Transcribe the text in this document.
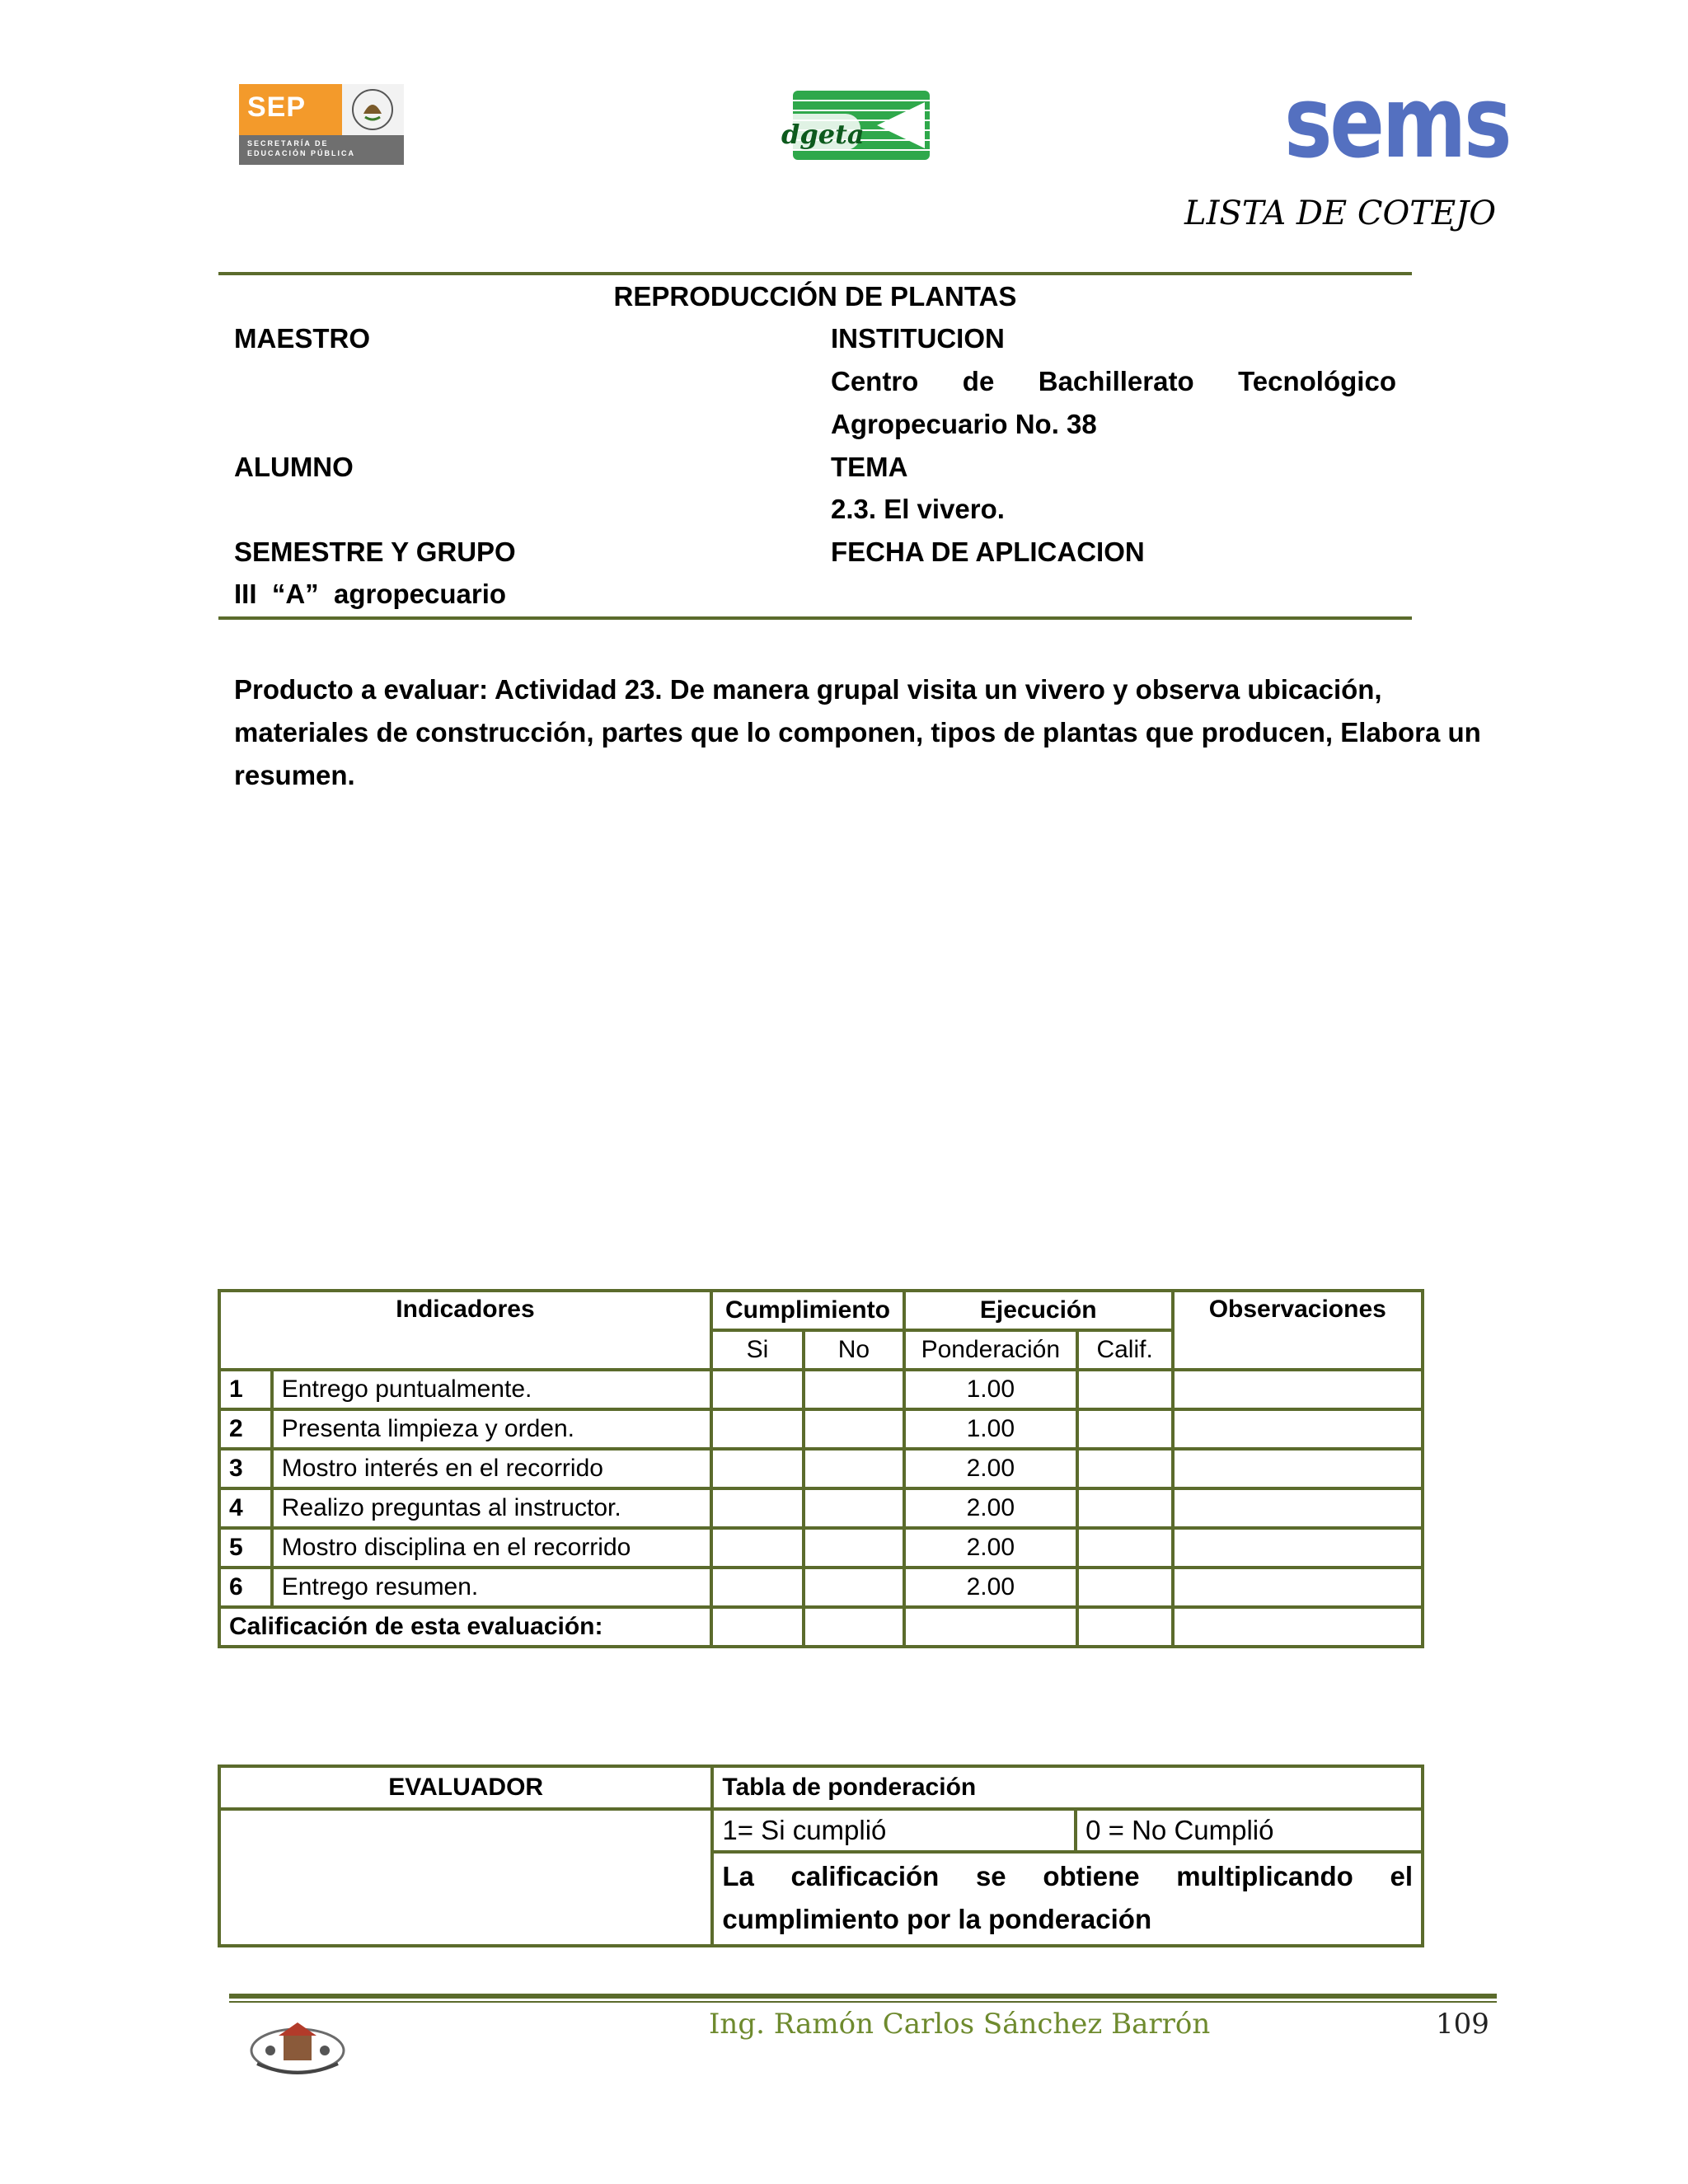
SEP
SECRETARÍA DE
EDUCACIÓN PÚBLICA
dgeta	sems
LISTA DE COTEJO
REPRODUCCIÓN DE PLANTAS
MAESTRO	INSTITUCION
Centro de Bachillerato Tecnológico
Agropecuario No. 38
ALUMNO	TEMA
2.3. El vivero.
SEMESTRE Y GRUPO	FECHA DE APLICACION
III  “A”  agropecuario
Producto a evaluar: Actividad 23. De manera grupal visita un vivero y observa ubicación, materiales de construcción, partes que lo componen, tipos de plantas que producen, Elabora un resumen.
Indicadores		Cumplimiento		Ejecución		Observaciones
		Si	No	Ponderación	Calif.	
1	Entrego puntualmente.			1.00		
2	Presenta limpieza y orden.			1.00		
3	Mostro interés en el recorrido			2.00		
4	Realizo preguntas al instructor.			2.00		
5	Mostro disciplina en el recorrido			2.00		
6	Entrego resumen.			2.00		
Calificación de esta evaluación:						
EVALUADOR	Tabla de ponderación	
	1= Si cumplió	0 = No Cumplió
	La calificación se obtiene multiplicando el cumplimiento por la ponderación	
Ing. Ramón Carlos Sánchez Barrón	109
